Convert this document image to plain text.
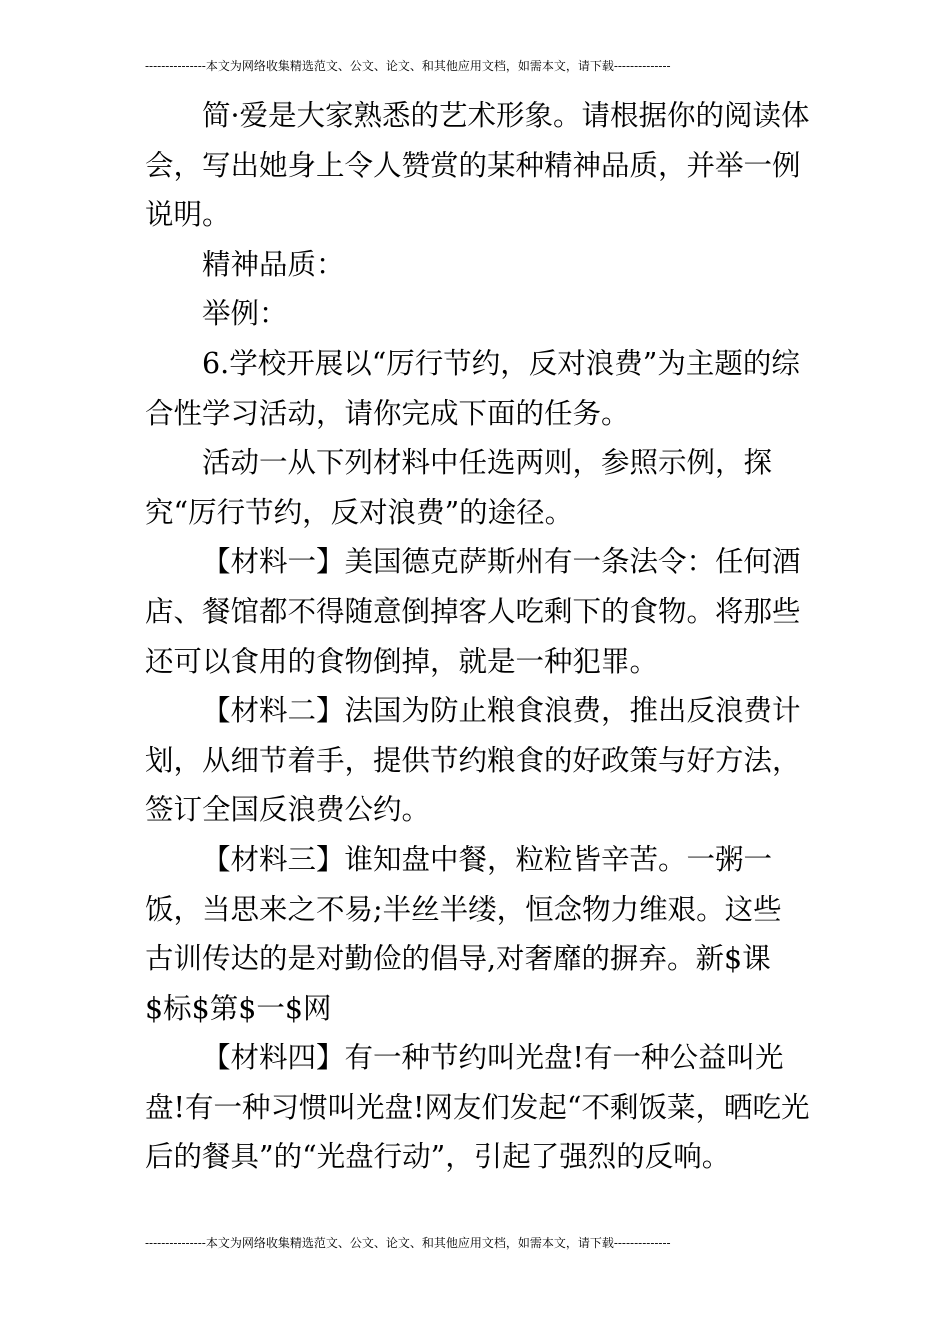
---------------本文为网络收集精选范文、公文、论文、和其他应用文档，如需本文，请下载--------------

简·爱是大家熟悉的艺术形象。请根据你的阅读体会，写出她身上令人赞赏的某种精神品质，并举一例说明。

精神品质：

举例：

6.学校开展以“厉行节约，反对浪费”为主题的综合性学习活动，请你完成下面的任务。

活动一从下列材料中任选两则，参照示例，探究“厉行节约，反对浪费”的途径。

【材料一】美国德克萨斯州有一条法令：任何酒店、餐馆都不得随意倒掉客人吃剩下的食物。将那些还可以食用的食物倒掉，就是一种犯罪。

【材料二】法国为防止粮食浪费，推出反浪费计划，从细节着手，提供节约粮食的好政策与好方法，签订全国反浪费公约。

【材料三】谁知盘中餐，粒粒皆辛苦。一粥一饭，当思来之不易;半丝半缕，恒念物力维艰。这些古训传达的是对勤俭的倡导,对奢靡的摒弃。新$课$标$第$一$网

【材料四】有一种节约叫光盘!有一种公益叫光盘!有一种习惯叫光盘!网友们发起“不剩饭菜，晒吃光后的餐具”的“光盘行动”，引起了强烈的反响。

---------------本文为网络收集精选范文、公文、论文、和其他应用文档，如需本文，请下载--------------
